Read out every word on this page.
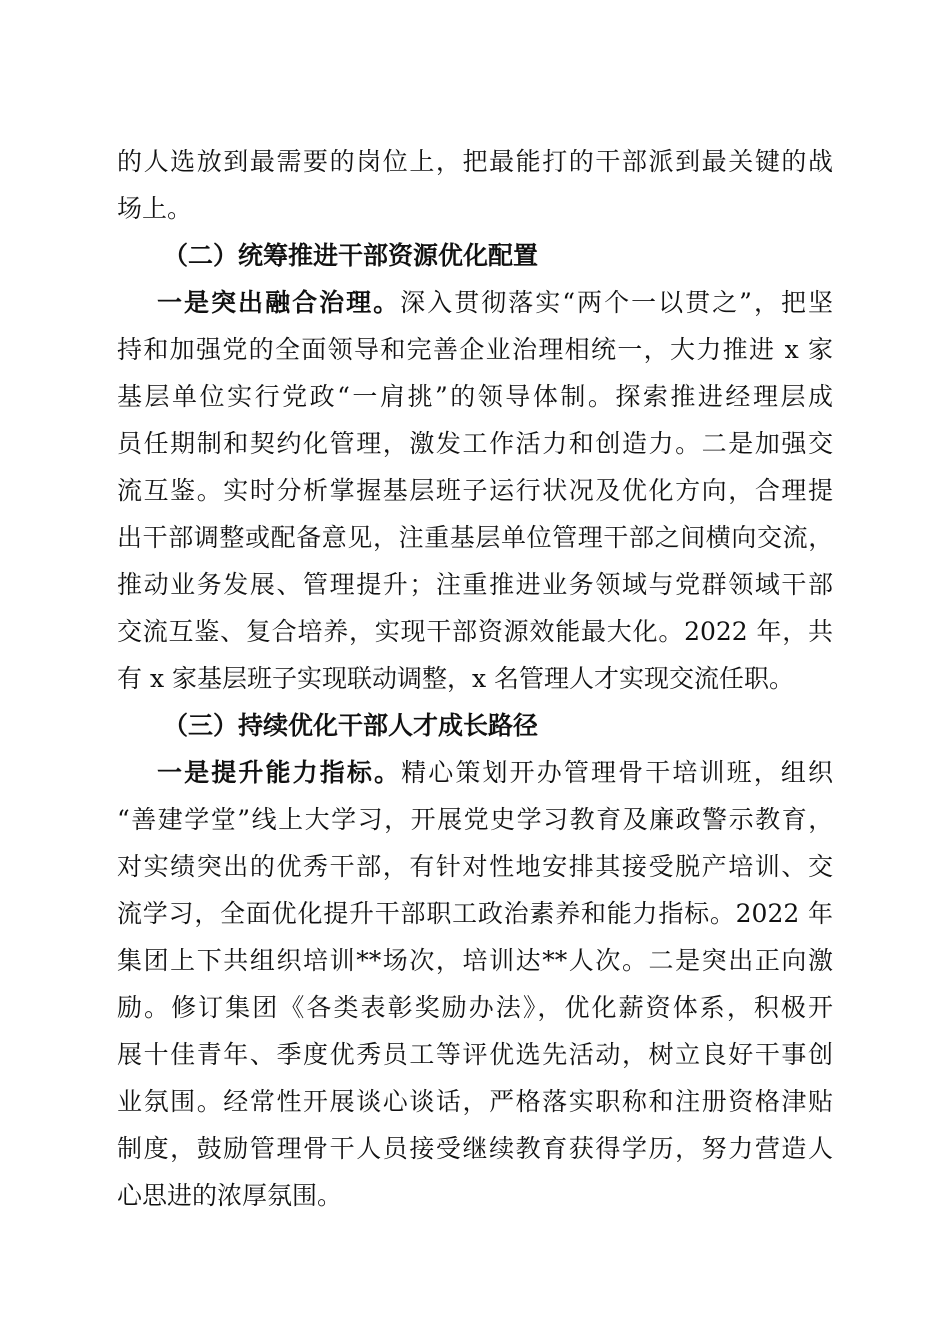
的人选放到最需要的岗位上，把最能打的干部派到最关键的战
场上。
（二）统筹推进干部资源优化配置
一是突出融合治理。深入贯彻落实“两个一以贯之”，把坚
持和加强党的全面领导和完善企业治理相统一，大力推进 x 家
基层单位实行党政“一肩挑”的领导体制。探索推进经理层成
员任期制和契约化管理，激发工作活力和创造力。二是加强交
流互鉴。实时分析掌握基层班子运行状况及优化方向，合理提
出干部调整或配备意见，注重基层单位管理干部之间横向交流，
推动业务发展、管理提升；注重推进业务领域与党群领域干部
交流互鉴、复合培养，实现干部资源效能最大化。2022 年，共
有 x 家基层班子实现联动调整，x 名管理人才实现交流任职。
（三）持续优化干部人才成长路径
一是提升能力指标。精心策划开办管理骨干培训班，组织
“善建学堂”线上大学习，开展党史学习教育及廉政警示教育，
对实绩突出的优秀干部，有针对性地安排其接受脱产培训、交
流学习，全面优化提升干部职工政治素养和能力指标。2022 年
集团上下共组织培训**场次，培训达**人次。二是突出正向激
励。修订集团《各类表彰奖励办法》，优化薪资体系，积极开
展十佳青年、季度优秀员工等评优选先活动，树立良好干事创
业氛围。经常性开展谈心谈话，严格落实职称和注册资格津贴
制度，鼓励管理骨干人员接受继续教育获得学历，努力营造人
心思进的浓厚氛围。
